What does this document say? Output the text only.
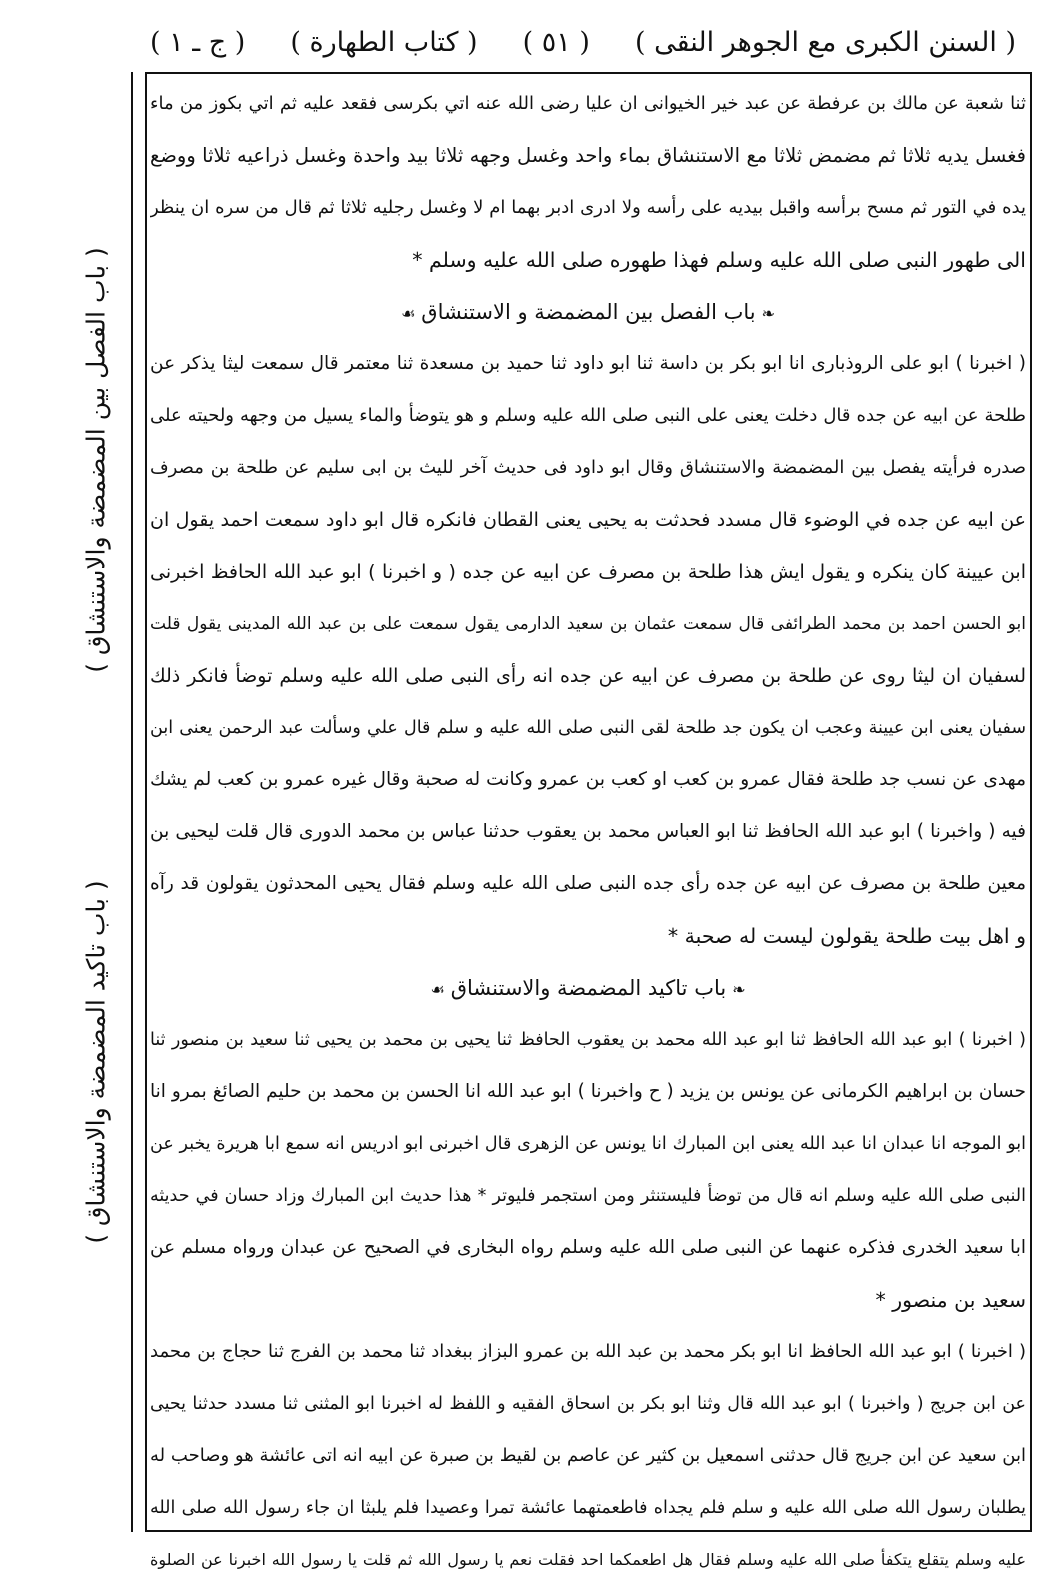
( السنن الكبرى مع الجوهر النقى )
( ٥١ )
( كتاب الطهارة )
( ج ـ ١ )
( باب الفصل بين المضمضة والاستنشاق )
( باب تاكيد المضمضة والاستنشاق )
ثنا شعبة عن مالك بن عرفطة عن عبد خير الخيوانى ان عليا رضى الله عنه اتي بكرسى فقعد عليه ثم اتي بكوز من ماء
فغسل يديه ثلاثا ثم مضمض ثلاثا مع الاستنشاق بماء واحد وغسل وجهه ثلاثا بيد واحدة وغسل ذراعيه ثلاثا ووضع
يده في التور ثم مسح برأسه واقبل بيديه على رأسه ولا ادرى ادبر بهما ام لا وغسل رجليه ثلاثا ثم قال من سره ان ينظر
الى طهور النبى صلى الله عليه وسلم فهذا طهوره صلى الله عليه وسلم *
❧باب الفصل بين المضمضة و الاستنشاق☙
( اخبرنا ) ابو على الروذبارى انا ابو بكر بن داسة ثنا ابو داود ثنا حميد بن مسعدة ثنا معتمر قال سمعت ليثا يذكر عن
طلحة عن ابيه عن جده قال دخلت يعنى على النبى صلى الله عليه وسلم و هو يتوضأ والماء يسيل من وجهه ولحيته على
صدره فرأيته يفصل بين المضمضة والاستنشاق وقال ابو داود فى حديث آخر لليث بن ابى سليم عن طلحة بن مصرف
عن ابيه عن جده في الوضوء قال مسدد فحدثت به يحيى يعنى القطان فانكره قال ابو داود سمعت احمد يقول ان
ابن عيينة كان ينكره و يقول ايش هذا طلحة بن مصرف عن ابيه عن جده ( و اخبرنا ) ابو عبد الله الحافظ اخبرنى
ابو الحسن احمد بن محمد الطرائفى قال سمعت عثمان بن سعيد الدارمى يقول سمعت على بن عبد الله المدينى يقول قلت
لسفيان ان ليثا روى عن طلحة بن مصرف عن ابيه عن جده انه رأى النبى صلى الله عليه وسلم توضأ فانكر ذلك
سفيان يعنى ابن عيينة وعجب ان يكون جد طلحة لقى النبى صلى الله عليه و سلم قال علي وسألت عبد الرحمن يعنى ابن
مهدى عن نسب جد طلحة فقال عمرو بن كعب او كعب بن عمرو وكانت له صحبة وقال غيره عمرو بن كعب لم يشك
فيه ( واخبرنا ) ابو عبد الله الحافظ ثنا ابو العباس محمد بن يعقوب حدثنا عباس بن محمد الدورى قال قلت ليحيى بن
معين طلحة بن مصرف عن ابيه عن جده رأى جده النبى صلى الله عليه وسلم فقال يحيى المحدثون يقولون قد رآه
و اهل بيت طلحة يقولون ليست له صحبة *
❧باب تاكيد المضمضة والاستنشاق☙
( اخبرنا ) ابو عبد الله الحافظ ثنا ابو عبد الله محمد بن يعقوب الحافظ ثنا يحيى بن محمد بن يحيى ثنا سعيد بن منصور ثنا
حسان بن ابراهيم الكرمانى عن يونس بن يزيد ( ح واخبرنا ) ابو عبد الله انا الحسن بن محمد بن حليم الصائغ بمرو انا
ابو الموجه انا عبدان انا عبد الله يعنى ابن المبارك انا يونس عن الزهرى قال اخبرنى ابو ادريس انه سمع ابا هريرة يخبر عن
النبى صلى الله عليه وسلم انه قال من توضأ فليستنثر ومن استجمر فليوتر * هذا حديث ابن المبارك وزاد حسان في حديثه
ابا سعيد الخدرى فذكره عنهما عن النبى صلى الله عليه وسلم رواه البخارى في الصحيح عن عبدان ورواه مسلم عن
سعيد بن منصور *
( اخبرنا ) ابو عبد الله الحافظ انا ابو بكر محمد بن عبد الله بن عمرو البزاز ببغداد ثنا محمد بن الفرج ثنا حجاج بن محمد
عن ابن جريج ( واخبرنا ) ابو عبد الله قال وثنا ابو بكر بن اسحاق الفقيه و اللفظ له اخبرنا ابو المثنى ثنا مسدد حدثنا يحيى
ابن سعيد عن ابن جريج قال حدثنى اسمعيل بن كثير عن عاصم بن لقيط بن صبرة عن ابيه انه اتى عائشة هو وصاحب له
يطلبان رسول الله صلى الله عليه و سلم فلم يجداه فاطعمتهما عائشة تمرا وعصيدا فلم يلبثا ان جاء رسول الله صلى الله
عليه وسلم يتقلع يتكفأ صلى الله عليه وسلم فقال هل اطعمكما احد فقلت نعم يا رسول الله ثم قلت يا رسول الله اخبرنا عن الصلوة
